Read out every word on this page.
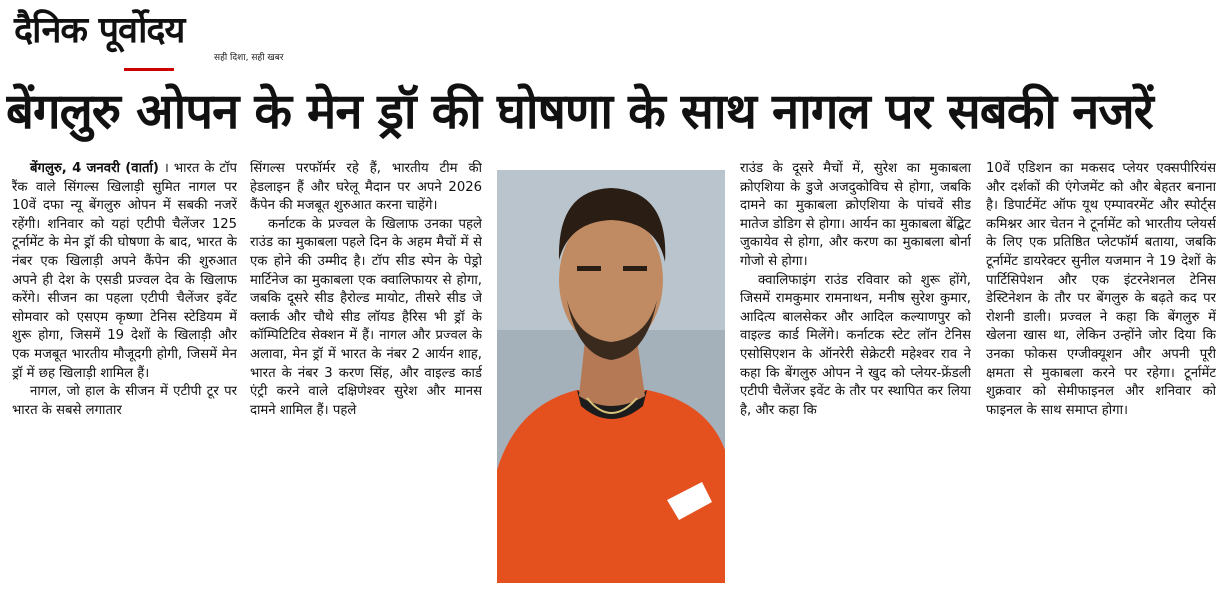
दैनिक पूर्वोदय
सही दिशा, सही खबर
बेंगलुरु ओपन के मेन ड्रॉ की घोषणा के साथ नागल पर सबकी नजरें

बेंगलुरु, 4 जनवरी (वार्ता) । भारत के टॉप रैंक वाले सिंगल्स खिलाड़ी सुमित नागल पर 10वें दफा न्यू बेंगलुरु ओपन में सबकी नजरें रहेंगी। शनिवार को यहां एटीपी चैलेंजर 125 टूर्नामेंट के मेन ड्रॉ की घोषणा के बाद, भारत के नंबर एक खिलाड़ी अपने कैंपेन की शुरुआत अपने ही देश के एसडी प्रज्वल देव के खिलाफ करेंगे। सीजन का पहला एटीपी चैलेंजर इवेंट सोमवार को एसएम कृष्णा टेनिस स्टेडियम में शुरू होगा, जिसमें 19 देशों के खिलाड़ी और एक मजबूत भारतीय मौजूदगी होगी, जिसमें मेन ड्रॉ में छह खिलाड़ी शामिल हैं।

नागल, जो हाल के सीजन में एटीपी टूर पर भारत के सबसे लगातार

सिंगल्स परफॉर्मर रहे हैं, भारतीय टीम की हेडलाइन हैं और घरेलू मैदान पर अपने 2026 कैंपेन की मजबूत शुरुआत करना चाहेंगे।

कर्नाटक के प्रज्वल के खिलाफ उनका पहले राउंड का मुकाबला पहले दिन के अहम मैचों में से एक होने की उम्मीद है। टॉप सीड स्पेन के पेड्रो मार्टिनेज का मुकाबला एक क्वालिफायर से होगा, जबकि दूसरे सीड हैरोल्ड मायोट, तीसरे सीड जे क्लार्क और चौथे सीड लॉयड हैरिस भी ड्रॉ के कॉम्पिटिटिव सेक्शन में हैं। नागल और प्रज्वल के अलावा, मेन ड्रॉ में भारत के नंबर 2 आर्यन शाह, भारत के नंबर 3 करण सिंह, और वाइल्ड कार्ड एंट्री करने वाले दक्षिणेश्वर सुरेश और मानस दामने शामिल हैं। पहले

राउंड के दूसरे मैचों में, सुरेश का मुकाबला क्रोएशिया के डुजे अजदुकोविच से होगा, जबकि दामने का मुकाबला क्रोएशिया के पांचवें सीड मातेज डोडिग से होगा। आर्यन का मुकाबला बेंद्बिट जुकायेव से होगा, और करण का मुकाबला बोर्ना गोजो से होगा।

क्वालिफाइंग राउंड रविवार को शुरू होंगे, जिसमें रामकुमार रामनाथन, मनीष सुरेश कुमार, आदित्य बालसेकर और आदिल कल्याणपुर को वाइल्ड कार्ड मिलेंगे। कर्नाटक स्टेट लॉन टेनिस एसोसिएशन के ऑनरेरी सेक्रेटरी महेश्वर राव ने कहा कि बेंगलुरु ओपन ने खुद को प्लेयर-फ्रेंडली एटीपी चैलेंजर इवेंट के तौर पर स्थापित कर लिया है, और कहा कि

10वें एडिशन का मकसद प्लेयर एक्सपीरियंस और दर्शकों की एंगेजमेंट को और बेहतर बनाना है। डिपार्टमेंट ऑफ यूथ एम्पावरमेंट और स्पोर्ट्स कमिश्नर आर चेतन ने टूर्नामेंट को भारतीय प्लेयर्स के लिए एक प्रतिष्ठित प्लेटफॉर्म बताया, जबकि टूर्नामेंट डायरेक्टर सुनील यजमान ने 19 देशों के पार्टिसिपेशन और एक इंटरनेशनल टेनिस डेस्टिनेशन के तौर पर बेंगलुरु के बढ़ते कद पर रोशनी डाली। प्रज्वल ने कहा कि बेंगलुरु में खेलना खास था, लेकिन उन्होंने जोर दिया कि उनका फोकस एग्जीक्यूशन और अपनी पूरी क्षमता से मुकाबला करने पर रहेगा। टूर्नामेंट शुक्रवार को सेमीफाइनल और शनिवार को फाइनल के साथ समाप्त होगा।
